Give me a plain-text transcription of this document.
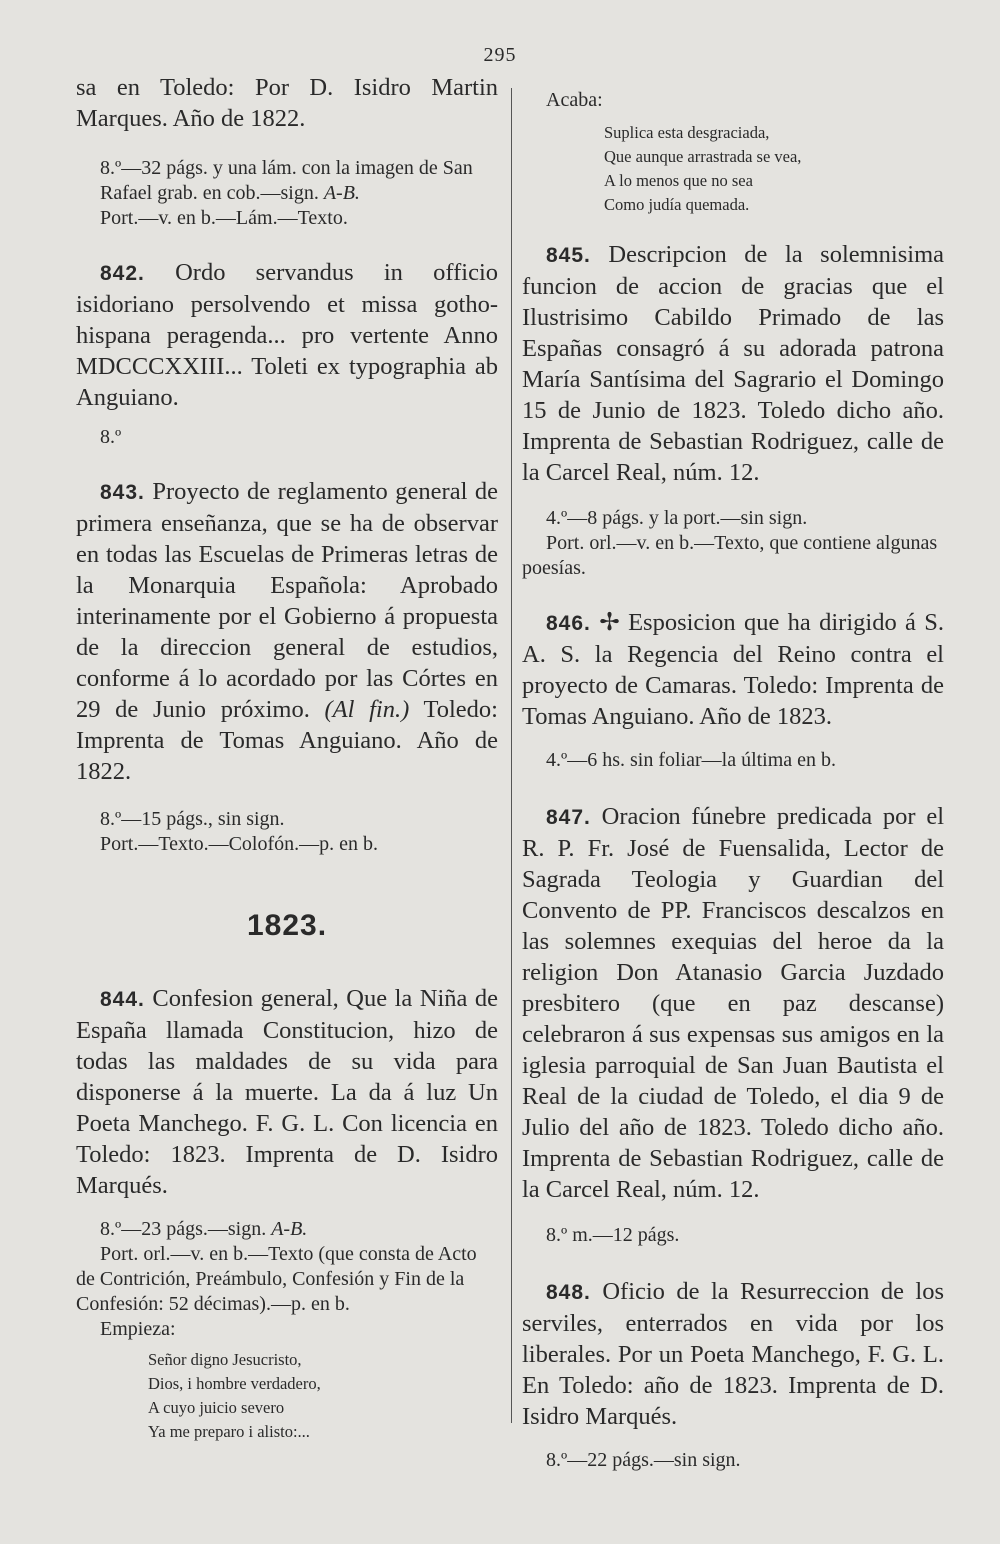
295

sa en Toledo: Por D. Isidro Martin Marques. Año de 1822.

8.º—32 págs. y una lám. con la imagen de San Rafael grab. en cob.—sign. A-B.

Port.—v. en b.—Lám.—Texto.

842. Ordo servandus in officio isidoriano persolvendo et missa gotho-hispana peragenda... pro vertente Anno MDCCCXXIII... Toleti ex typographia ab Anguiano.

8.º

843. Proyecto de reglamento general de primera enseñanza, que se ha de observar en todas las Escuelas de Primeras letras de la Monarquia Española: Aprobado interinamente por el Gobierno á propuesta de la direccion general de estudios, conforme á lo acordado por las Córtes en 29 de Junio próximo. (Al fin.) Toledo: Imprenta de Tomas Anguiano. Año de 1822.

8.º—15 págs., sin sign.

Port.—Texto.—Colofón.—p. en b.

1823.

844. Confesion general, Que la Niña de España llamada Constitucion, hizo de todas las maldades de su vida para disponerse á la muerte. La da á luz Un Poeta Manchego. F. G. L. Con licencia en Toledo: 1823. Imprenta de D. Isidro Marqués.

8.º—23 págs.—sign. A-B.

Port. orl.—v. en b.—Texto (que consta de Acto de Contrición, Preámbulo, Confesión y Fin de la Confesión: 52 décimas).—p. en b.

Empieza:

Señor digno Jesucristo,

Dios, i hombre verdadero,

A cuyo juicio severo

Ya me preparo i alisto:...

Acaba:

Suplica esta desgraciada,

Que aunque arrastrada se vea,

A lo menos que no sea

Como judía quemada.

845. Descripcion de la solemnisima funcion de accion de gracias que el Ilustrisimo Cabildo Primado de las Españas consagró á su adorada patrona María Santísima del Sagrario el Domingo 15 de Junio de 1823. Toledo dicho año. Imprenta de Sebastian Rodriguez, calle de la Carcel Real, núm. 12.

4.º—8 págs. y la port.—sin sign.

Port. orl.—v. en b.—Texto, que contiene algunas poesías.

846. ✢ Esposicion que ha dirigido á S. A. S. la Regencia del Reino contra el proyecto de Camaras. Toledo: Imprenta de Tomas Anguiano. Año de 1823.

4.º—6 hs. sin foliar—la última en b.

847. Oracion fúnebre predicada por el R. P. Fr. José de Fuensalida, Lector de Sagrada Teologia y Guardian del Convento de PP. Franciscos descalzos en las solemnes exequias del heroe da la religion Don Atanasio Garcia Juzdado presbitero (que en paz descanse) celebraron á sus expensas sus amigos en la iglesia parroquial de San Juan Bautista el Real de la ciudad de Toledo, el dia 9 de Julio del año de 1823. Toledo dicho año. Imprenta de Sebastian Rodriguez, calle de la Carcel Real, núm. 12.

8.º m.—12 págs.

848. Oficio de la Resurreccion de los serviles, enterrados en vida por los liberales. Por un Poeta Manchego, F. G. L. En Toledo: año de 1823. Imprenta de D. Isidro Marqués.

8.º—22 págs.—sin sign.
